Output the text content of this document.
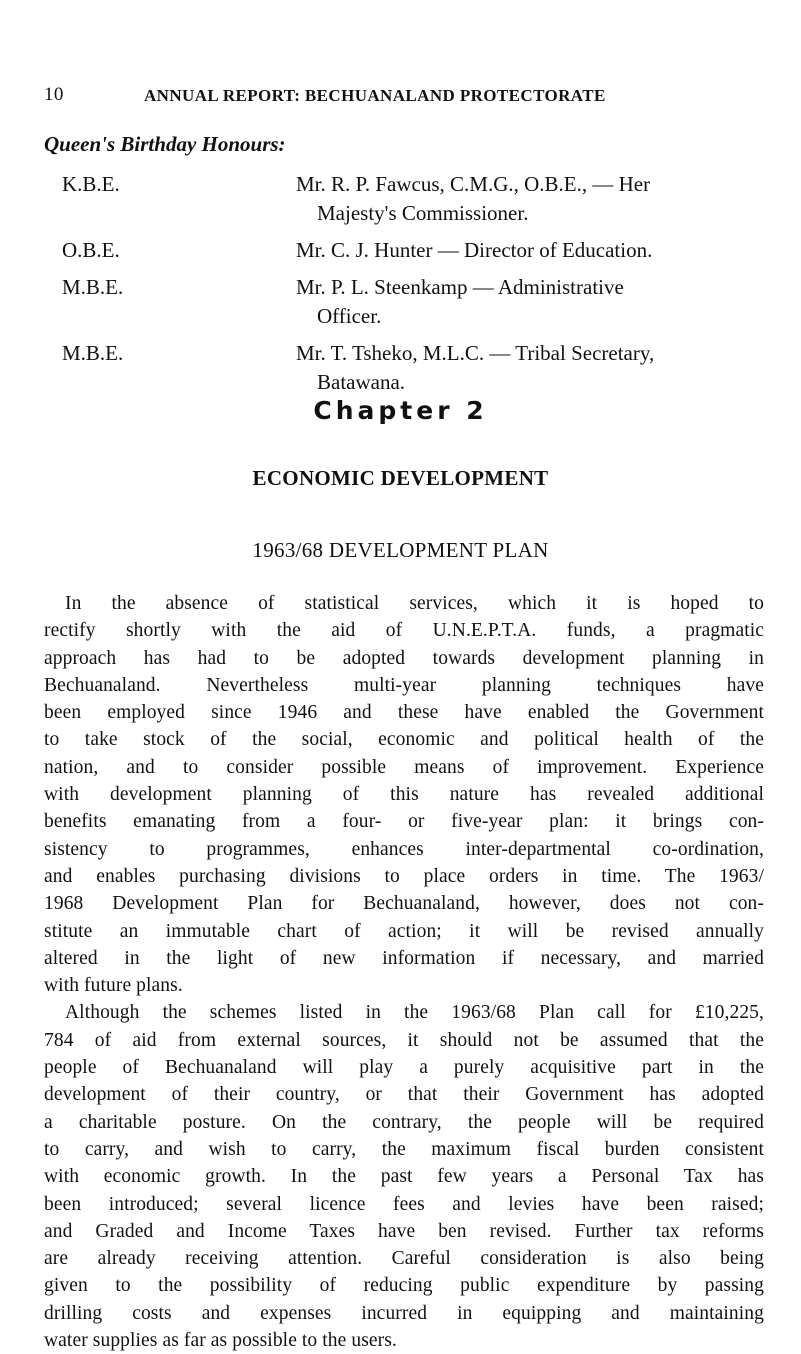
10	ANNUAL REPORT: BECHUANALAND PROTECTORATE
Queen's Birthday Honours:
K.B.E.	Mr. R. P. Fawcus, C.M.G., O.B.E., — Her
Majesty's Commissioner.
O.B.E.	Mr. C. J. Hunter — Director of Education.
M.B.E.	Mr. P. L. Steenkamp — Administrative
Officer.
M.B.E.	Mr. T. Tsheko, M.L.C. — Tribal Secretary,
Batawana.
Chapter 2
ECONOMIC DEVELOPMENT
1963/68 DEVELOPMENT PLAN
In the absence of statistical services, which it is hoped to
rectify shortly with the aid of U.N.E.P.T.A. funds, a pragmatic
approach has had to be adopted towards development planning in
Bechuanaland. Nevertheless multi-year planning techniques have
been employed since 1946 and these have enabled the Government
to take stock of the social, economic and political health of the
nation, and to consider possible means of improvement. Experience
with development planning of this nature has revealed additional
benefits emanating from a four- or five-year plan: it brings con-
sistency to programmes, enhances inter-departmental co-ordination,
and enables purchasing divisions to place orders in time. The 1963/
1968 Development Plan for Bechuanaland, however, does not con-
stitute an immutable chart of action; it will be revised annually
altered in the light of new information if necessary, and married
with future plans.
Although the schemes listed in the 1963/68 Plan call for £10,225,
784 of aid from external sources, it should not be assumed that the
people of Bechuanaland will play a purely acquisitive part in the
development of their country, or that their Government has adopted
a charitable posture. On the contrary, the people will be required
to carry, and wish to carry, the maximum fiscal burden consistent
with economic growth. In the past few years a Personal Tax has
been introduced; several licence fees and levies have been raised;
and Graded and Income Taxes have ben revised. Further tax reforms
are already receiving attention. Careful consideration is also being
given to the possibility of reducing public expenditure by passing
drilling costs and expenses incurred in equipping and maintaining
water supplies as far as possible to the users.
